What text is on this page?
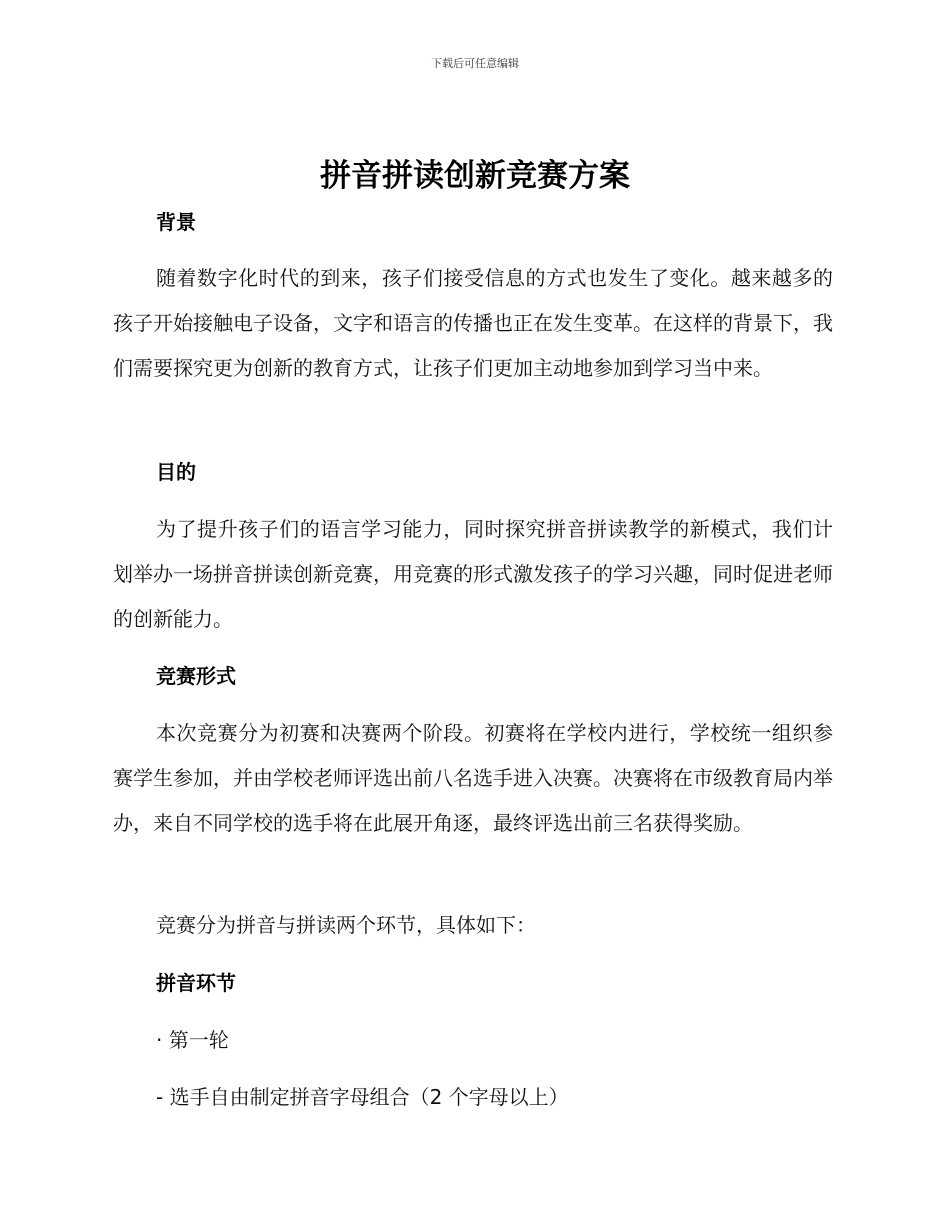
下载后可任意编辑
拼音拼读创新竞赛方案
背景
随着数字化时代的到来，孩子们接受信息的方式也发生了变化。越来越多的孩子开始接触电子设备，文字和语言的传播也正在发生变革。在这样的背景下，我们需要探究更为创新的教育方式，让孩子们更加主动地参加到学习当中来。
目的
为了提升孩子们的语言学习能力，同时探究拼音拼读教学的新模式，我们计划举办一场拼音拼读创新竞赛，用竞赛的形式激发孩子的学习兴趣，同时促进老师的创新能力。
竞赛形式
本次竞赛分为初赛和决赛两个阶段。初赛将在学校内进行，学校统一组织参赛学生参加，并由学校老师评选出前八名选手进入决赛。决赛将在市级教育局内举办，来自不同学校的选手将在此展开角逐，最终评选出前三名获得奖励。
竞赛分为拼音与拼读两个环节，具体如下：
拼音环节
· 第一轮
- 选手自由制定拼音字母组合（2 个字母以上）
